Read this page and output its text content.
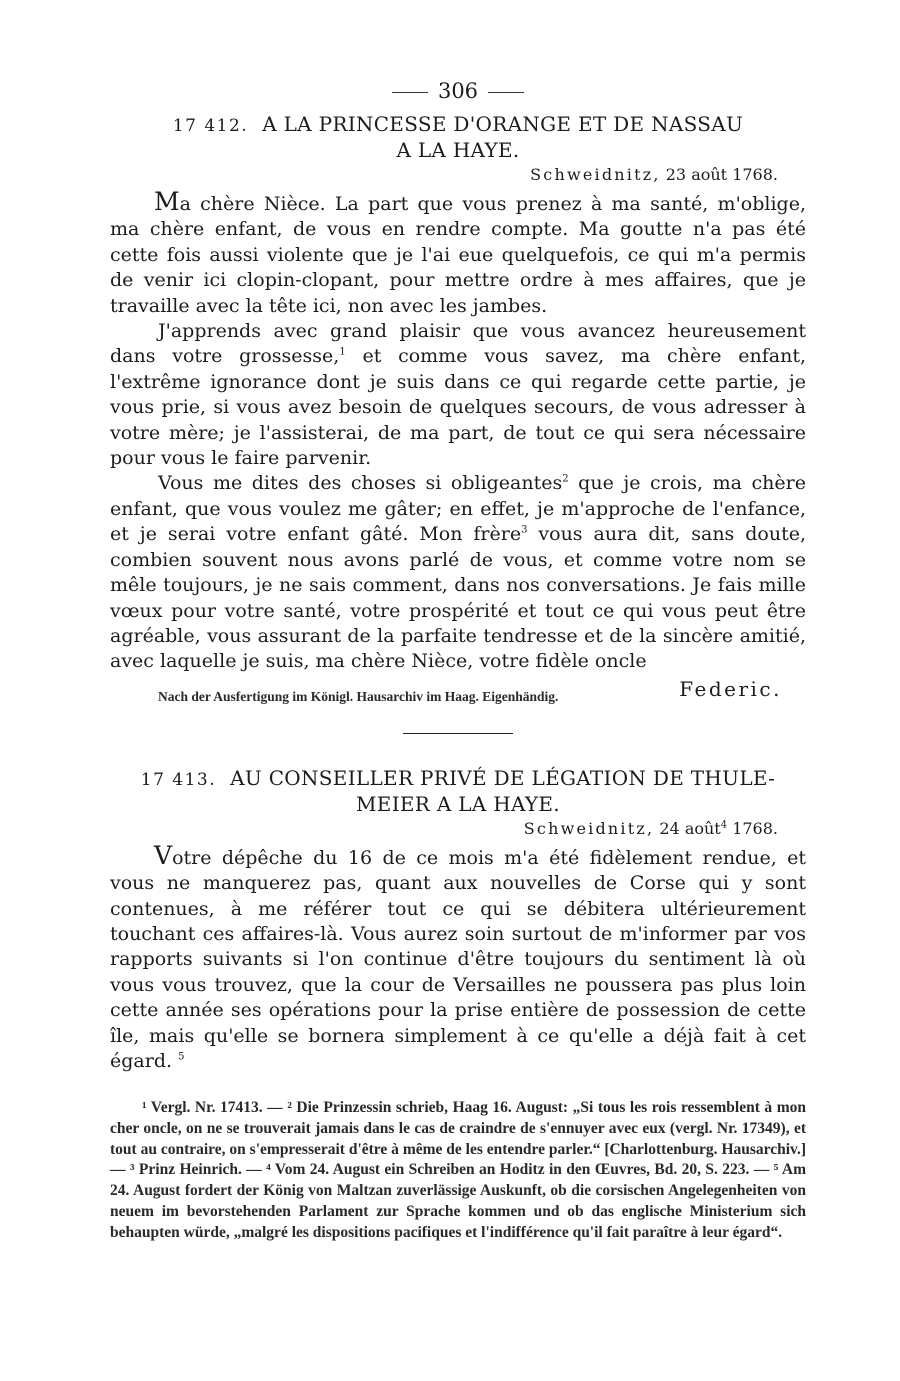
306
17 412. A LA PRINCESSE D'ORANGE ET DE NASSAU
A LA HAYE.
Schweidnitz, 23 août 1768.

Ma chère Nièce. La part que vous prenez à ma santé, m'oblige, ma chère enfant, de vous en rendre compte. Ma goutte n'a pas été cette fois aussi violente que je l'ai eue quelquefois, ce qui m'a permis de venir ici clopin-clopant, pour mettre ordre à mes affaires, que je travaille avec la tête ici, non avec les jambes.

J'apprends avec grand plaisir que vous avancez heureusement dans votre grossesse,$^1$ et comme vous savez, ma chère enfant, l'extrême ignorance dont je suis dans ce qui regarde cette partie, je vous prie, si vous avez besoin de quelques secours, de vous adresser à votre mère; je l'assisterai, de ma part, de tout ce qui sera nécessaire pour vous le faire parvenir.

Vous me dites des choses si obligeantes$^2$ que je crois, ma chère enfant, que vous voulez me gâter; en effet, je m'approche de l'enfance, et je serai votre enfant gâté. Mon frère$^3$ vous aura dit, sans doute, combien souvent nous avons parlé de vous, et comme votre nom se mêle toujours, je ne sais comment, dans nos conversations. Je fais mille vœux pour votre santé, votre prospérité et tout ce qui vous peut être agréable, vous assurant de la parfaite tendresse et de la sincère amitié, avec laquelle je suis, ma chère Nièce, votre fidèle oncle

Nach der Ausfertigung im Königl. Hausarchiv im Haag. Eigenhändig.	Federic.
17 413. AU CONSEILLER PRIVÉ DE LÉGATION DE THULE-
MEIER A LA HAYE.
Schweidnitz, 24 août$^4$ 1768.

Votre dépêche du 16 de ce mois m'a été fidèlement rendue, et vous ne manquerez pas, quant aux nouvelles de Corse qui y sont contenues, à me référer tout ce qui se débitera ultérieurement touchant ces affaires-là. Vous aurez soin surtout de m'informer par vos rapports suivants si l'on continue d'être toujours du sentiment là où vous vous trouvez, que la cour de Versailles ne poussera pas plus loin cette année ses opérations pour la prise entière de possession de cette île, mais qu'elle se bornera simplement à ce qu'elle a déjà fait à cet égard. $^5$

¹ Vergl. Nr. 17413. — ² Die Prinzessin schrieb, Haag 16. August: „Si tous les rois ressemblent à mon cher oncle, on ne se trouverait jamais dans le cas de craindre de s'ennuyer avec eux (vergl. Nr. 17349), et tout au contraire, on s'empresserait d'être à même de les entendre parler.“ [Charlottenburg. Hausarchiv.] — ³ Prinz Heinrich. — ⁴ Vom 24. August ein Schreiben an Hoditz in den Œuvres, Bd. 20, S. 223. — ⁵ Am 24. August fordert der König von Maltzan zuverlässige Auskunft, ob die corsischen Angelegenheiten von neuem im bevorstehenden Parlament zur Sprache kommen und ob das englische Ministerium sich behaupten würde, „malgré les dispositions pacifiques et l'indifférence qu'il fait paraître à leur égard“.
